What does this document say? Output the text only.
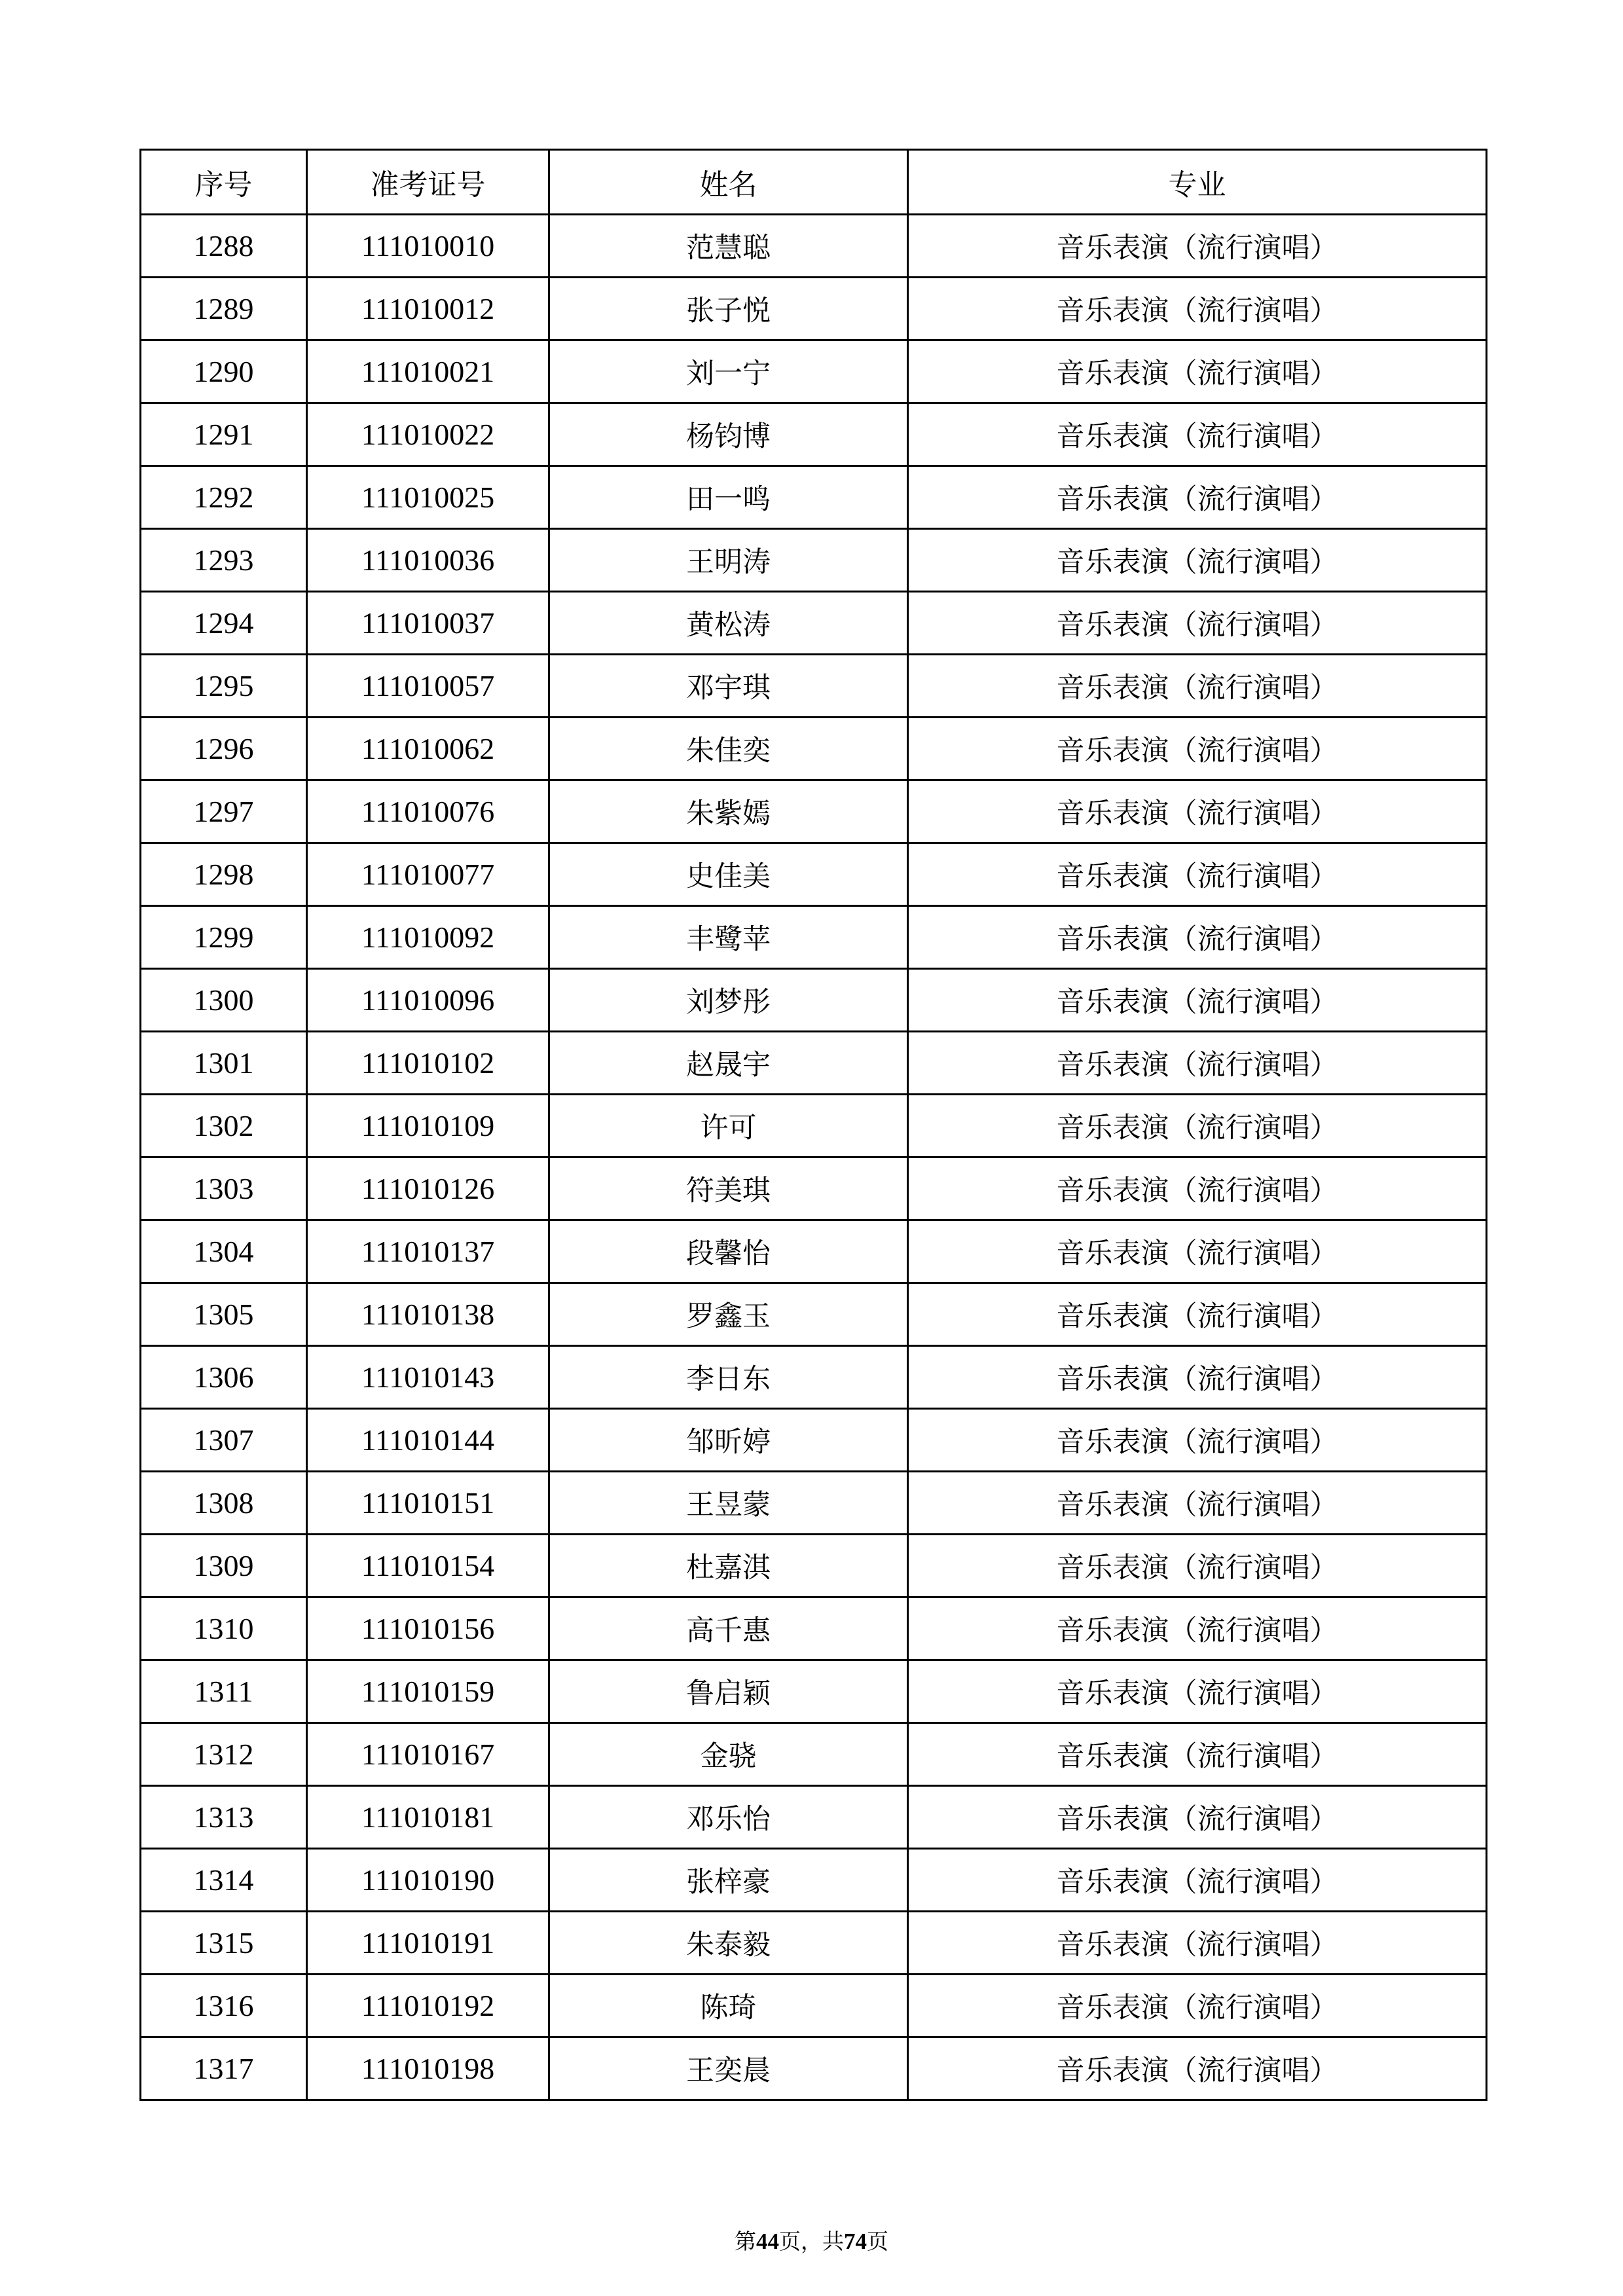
序号	准考证号	姓名	专业
1288	111010010	范慧聪	音乐表演（流行演唱）
1289	111010012	张子悦	音乐表演（流行演唱）
1290	111010021	刘一宁	音乐表演（流行演唱）
1291	111010022	杨钧博	音乐表演（流行演唱）
1292	111010025	田一鸣	音乐表演（流行演唱）
1293	111010036	王明涛	音乐表演（流行演唱）
1294	111010037	黄松涛	音乐表演（流行演唱）
1295	111010057	邓宇琪	音乐表演（流行演唱）
1296	111010062	朱佳奕	音乐表演（流行演唱）
1297	111010076	朱紫嫣	音乐表演（流行演唱）
1298	111010077	史佳美	音乐表演（流行演唱）
1299	111010092	丰鹭苹	音乐表演（流行演唱）
1300	111010096	刘梦彤	音乐表演（流行演唱）
1301	111010102	赵晟宇	音乐表演（流行演唱）
1302	111010109	许可	音乐表演（流行演唱）
1303	111010126	符美琪	音乐表演（流行演唱）
1304	111010137	段馨怡	音乐表演（流行演唱）
1305	111010138	罗鑫玉	音乐表演（流行演唱）
1306	111010143	李日东	音乐表演（流行演唱）
1307	111010144	邹昕婷	音乐表演（流行演唱）
1308	111010151	王昱蒙	音乐表演（流行演唱）
1309	111010154	杜嘉淇	音乐表演（流行演唱）
1310	111010156	高千惠	音乐表演（流行演唱）
1311	111010159	鲁启颖	音乐表演（流行演唱）
1312	111010167	金骁	音乐表演（流行演唱）
1313	111010181	邓乐怡	音乐表演（流行演唱）
1314	111010190	张梓豪	音乐表演（流行演唱）
1315	111010191	朱泰毅	音乐表演（流行演唱）
1316	111010192	陈琦	音乐表演（流行演唱）
1317	111010198	王奕晨	音乐表演（流行演唱）
第44页，共74页
